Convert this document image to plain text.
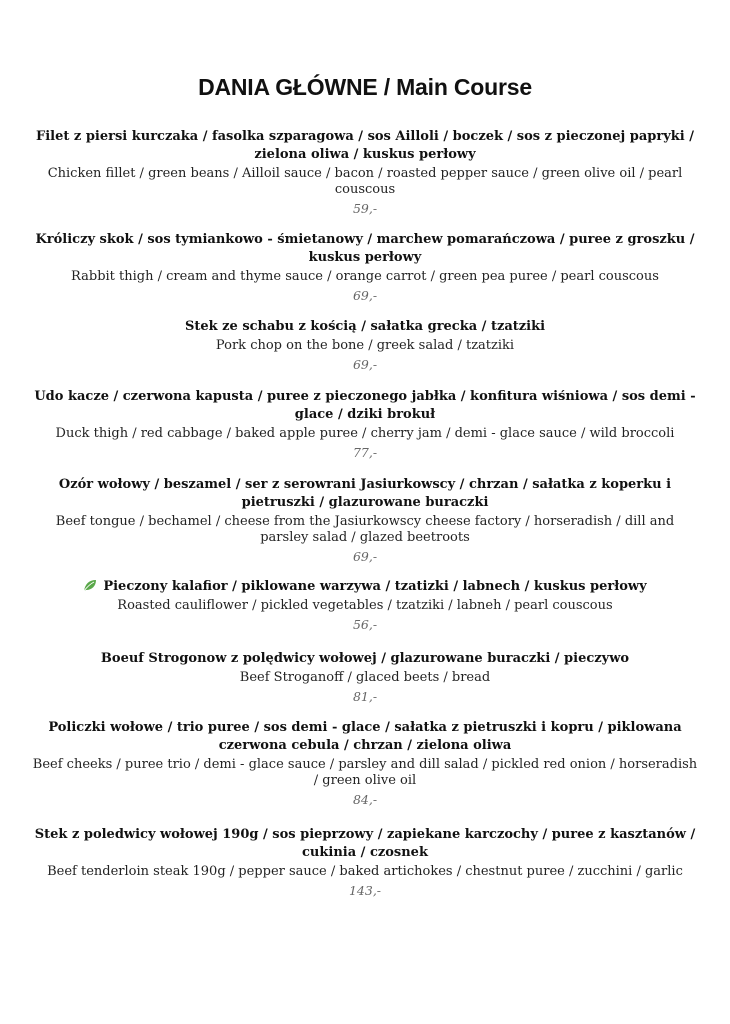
DANIA GŁÓWNE / Main Course

Filet z piersi kurczaka / fasolka szparagowa / sos Ailloli / boczek / sos z pieczonej papryki / zielona oliwa / kuskus perłowy

Chicken fillet / green beans / Ailloil sauce / bacon / roasted pepper sauce / green olive oil / pearl couscous

59,-

Króliczy skok / sos tymiankowo - śmietanowy / marchew pomarańczowa / puree z groszku / kuskus perłowy

Rabbit thigh / cream and thyme sauce / orange carrot / green pea puree / pearl couscous

69,-

Stek ze schabu z kością / sałatka grecka / tzatziki

Pork chop on the bone / greek salad / tzatziki

69,-

Udo kacze / czerwona kapusta / puree z pieczonego jabłka / konfitura wiśniowa / sos demi - glace / dziki brokuł

Duck thigh / red cabbage / baked apple puree / cherry jam / demi - glace sauce / wild broccoli

77,-

Ozór wołowy / beszamel / ser z serowrani Jasiurkowscy / chrzan / sałatka z koperku i pietruszki / glazurowane buraczki

Beef tongue / bechamel / cheese from the Jasiurkowscy cheese factory / horseradish / dill and parsley salad / glazed beetroots

69,-

Pieczony kalafior / piklowane warzywa / tzatizki / labnech / kuskus perłowy

Roasted cauliflower / pickled vegetables / tzatziki / labneh / pearl couscous

56,-

Boeuf Strogonow z polędwicy wołowej / glazurowane buraczki / pieczywo

Beef Stroganoff / glaced beets / bread

81,-

Policzki wołowe / trio puree / sos demi - glace / sałatka z pietruszki i kopru / piklowana czerwona cebula / chrzan / zielona oliwa

Beef cheeks / puree trio / demi - glace sauce / parsley and dill salad / pickled red onion / horseradish / green olive oil

84,-

Stek z poledwicy wołowej 190g / sos pieprzowy / zapiekane karczochy / puree z kasztanów / cukinia / czosnek

Beef tenderloin steak 190g / pepper sauce / baked artichokes / chestnut puree / zucchini / garlic

143,-
